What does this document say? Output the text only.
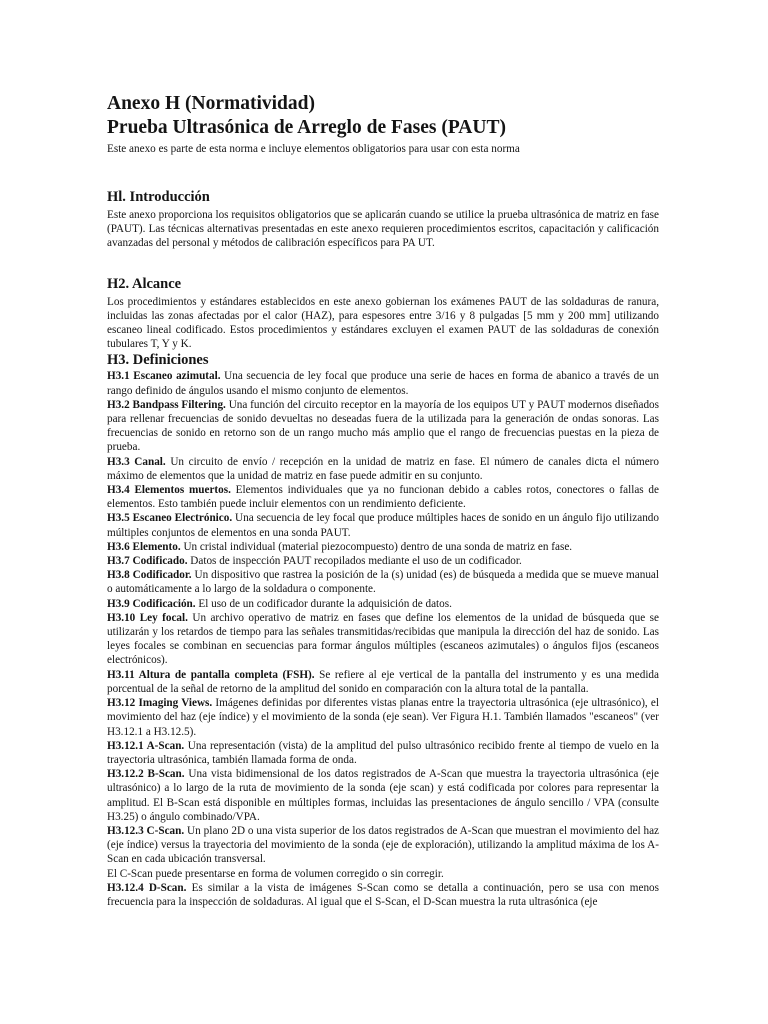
Anexo H (Normatividad)
Prueba Ultrasónica de Arreglo de Fases (PAUT)

Este anexo es parte de esta norma e incluye elementos obligatorios para usar con esta norma

Hl. Introducción

Este anexo proporciona los requisitos obligatorios que se aplicarán cuando se utilice la prueba ultrasónica de matriz en fase (PAUT). Las técnicas alternativas presentadas en este anexo requieren procedimientos escritos, capacitación y calificación avanzadas del personal y métodos de calibración específicos para PA UT.

H2. Alcance

Los procedimientos y estándares establecidos en este anexo gobiernan los exámenes PAUT de las soldaduras de ranura, incluidas las zonas afectadas por el calor (HAZ), para espesores entre 3/16 y 8 pulgadas [5 mm y 200 mm] utilizando escaneo lineal codificado. Estos procedimientos y estándares excluyen el examen PAUT de las soldaduras de conexión tubulares T, Y y K.

H3. Definiciones

H3.1 Escaneo azimutal. Una secuencia de ley focal que produce una serie de haces en forma de abanico a través de un rango definido de ángulos usando el mismo conjunto de elementos.

H3.2 Bandpass Filtering. Una función del circuito receptor en la mayoría de los equipos UT y PAUT modernos diseñados para rellenar frecuencias de sonido devueltas no deseadas fuera de la utilizada para la generación de ondas sonoras. Las frecuencias de sonido en retorno son de un rango mucho más amplio que el rango de frecuencias puestas en la pieza de prueba.

H3.3 Canal. Un circuito de envío / recepción en la unidad de matriz en fase. El número de canales dicta el número máximo de elementos que la unidad de matriz en fase puede admitir en su conjunto.

H3.4 Elementos muertos. Elementos individuales que ya no funcionan debido a cables rotos, conectores o fallas de elementos. Esto también puede incluir elementos con un rendimiento deficiente.

H3.5 Escaneo Electrónico. Una secuencia de ley focal que produce múltiples haces de sonido en un ángulo fijo utilizando múltiples conjuntos de elementos en una sonda PAUT.

H3.6 Elemento. Un cristal individual (material piezocompuesto) dentro de una sonda de matriz en fase.

H3.7 Codificado. Datos de inspección PAUT recopilados mediante el uso de un codificador.

H3.8 Codificador. Un dispositivo que rastrea la posición de la (s) unidad (es) de búsqueda a medida que se mueve manual o automáticamente a lo largo de la soldadura o componente.

H3.9 Codificación. El uso de un codificador durante la adquisición de datos.

H3.10 Ley focal. Un archivo operativo de matriz en fases que define los elementos de la unidad de búsqueda que se utilizarán y los retardos de tiempo para las señales transmitidas/recibidas que manipula la dirección del haz de sonido. Las leyes focales se combinan en secuencias para formar ángulos múltiples (escaneos azimutales) o ángulos fijos (escaneos electrónicos).

H3.11 Altura de pantalla completa (FSH). Se refiere al eje vertical de la pantalla del instrumento y es una medida porcentual de la señal de retorno de la amplitud del sonido en comparación con la altura total de la pantalla.

H3.12 Imaging Views. Imágenes definidas por diferentes vistas planas entre la trayectoria ultrasónica (eje ultrasónico), el movimiento del haz (eje índice) y el movimiento de la sonda (eje sean). Ver Figura H.1. También llamados "escaneos" (ver H3.12.1 a H3.12.5).

H3.12.1 A-Scan. Una representación (vista) de la amplitud del pulso ultrasónico recibido frente al tiempo de vuelo en la trayectoria ultrasónica, también llamada forma de onda.

H3.12.2 B-Scan. Una vista bidimensional de los datos registrados de A-Scan que muestra la trayectoria ultrasónica (eje ultrasónico) a lo largo de la ruta de movimiento de la sonda (eje scan) y está codificada por colores para representar la amplitud. El B-Scan está disponible en múltiples formas, incluidas las presentaciones de ángulo sencillo / VPA (consulte H3.25) o ángulo combinado/VPA.

H3.12.3 C-Scan. Un plano 2D o una vista superior de los datos registrados de A-Scan que muestran el movimiento del haz (eje índice) versus la trayectoria del movimiento de la sonda (eje de exploración), utilizando la amplitud máxima de los A-Scan en cada ubicación transversal.

El C-Scan puede presentarse en forma de volumen corregido o sin corregir.

H3.12.4 D-Scan. Es similar a la vista de imágenes S-Scan como se detalla a continuación, pero se usa con menos frecuencia para la inspección de soldaduras. Al igual que el S-Scan, el D-Scan muestra la ruta ultrasónica (eje
